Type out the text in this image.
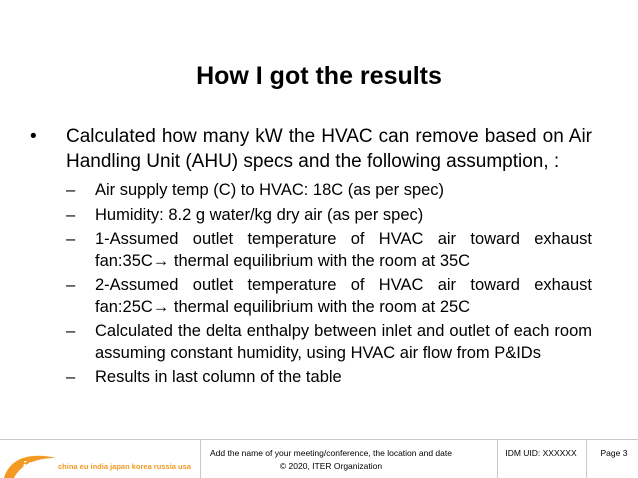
How I got the results
•	Calculated how many kW the HVAC can remove based on Air Handling Unit (AHU) specs and the following assumption, :
–	Air supply temp (C) to HVAC: 18C (as per spec)
–	Humidity: 8.2 g water/kg dry air (as per spec)
–	1-Assumed outlet temperature of HVAC air toward exhaust fan:35C→ thermal equilibrium with the room at 35C
–	2-Assumed outlet temperature of HVAC air toward exhaust fan:25C→ thermal equilibrium with the room at 25C
–	Calculated the delta enthalpy between inlet and outlet of each room assuming constant humidity, using HVAC air flow from P&IDs
–	Results in last column of the table
iter china eu india japan korea russia usa
Add the name of your meeting/conference, the location and date
© 2020, ITER Organization
IDM UID: XXXXXX	Page 3
